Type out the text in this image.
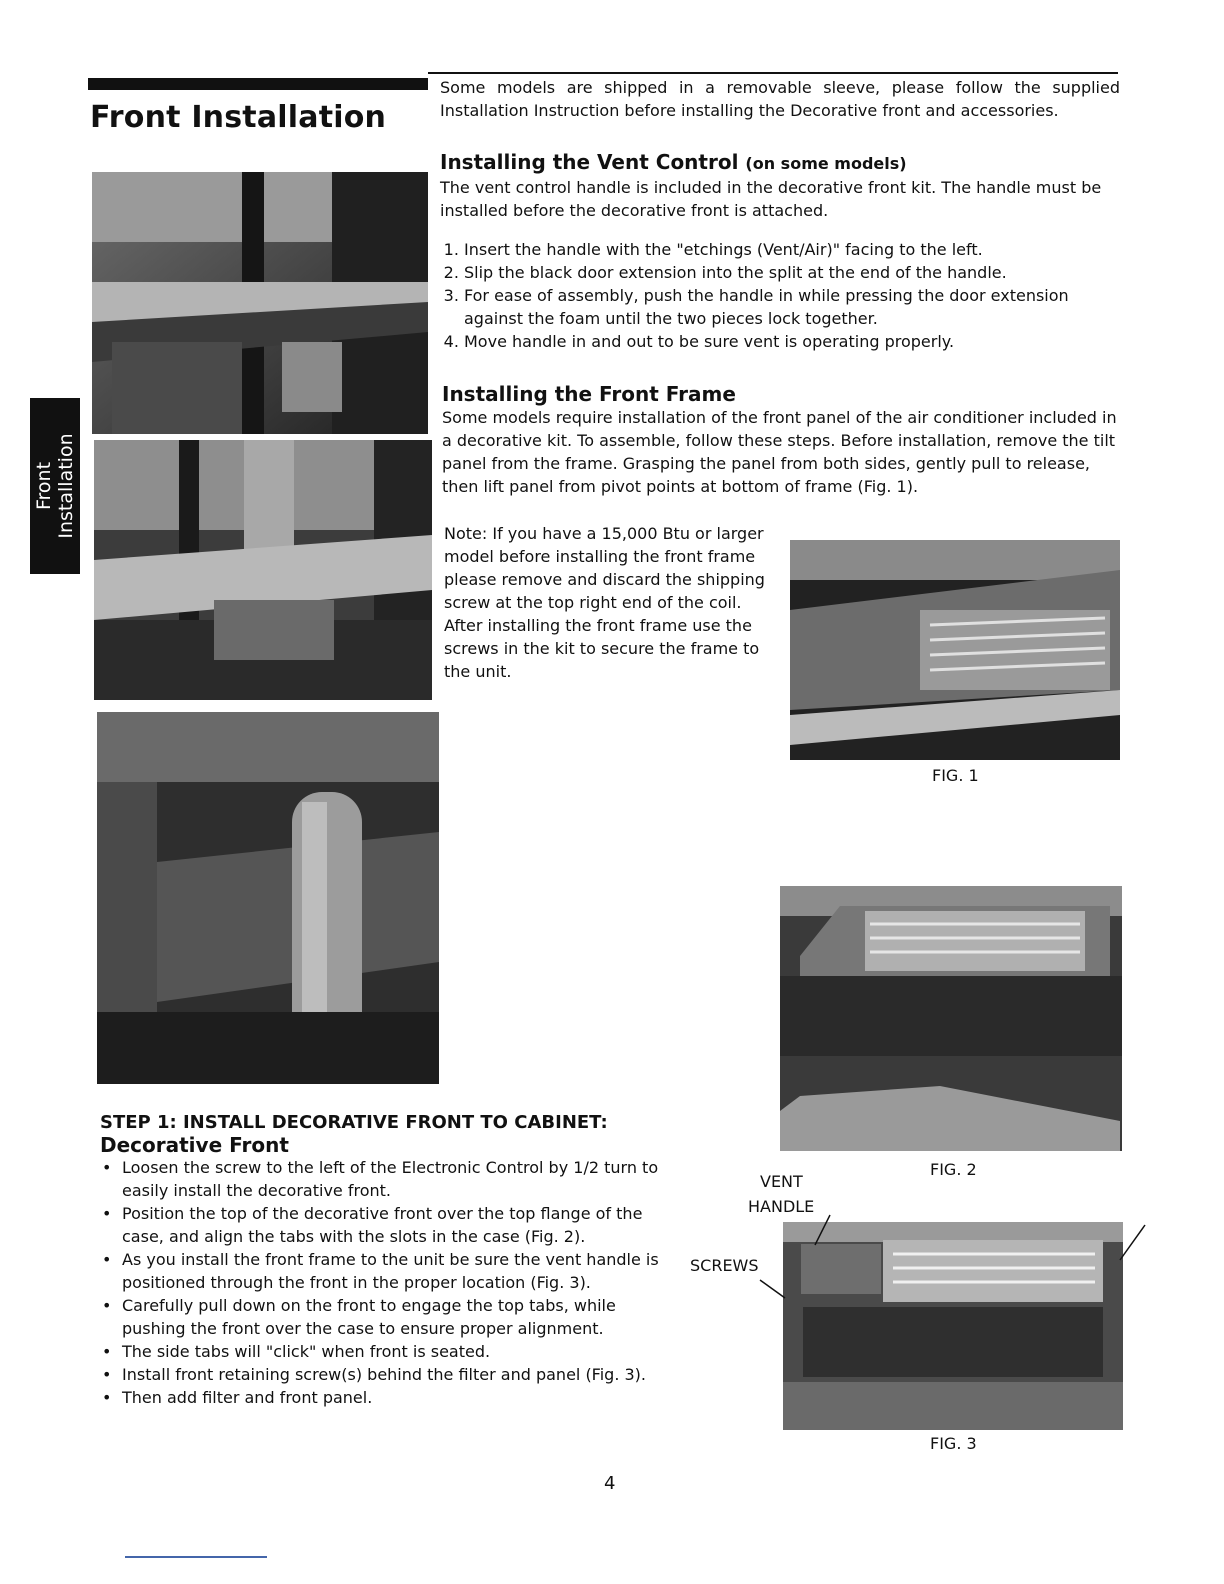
Front Installation
Front
Installation
Some models are shipped in a removable sleeve, please follow the supplied Installation Instruction before installing the Decorative front and accessories.
Installing the Vent Control (on some models)
The vent control handle is included in the decorative front kit. The handle must be installed before the decorative front is attached.
1. Insert the handle with the "etchings (Vent/Air)" facing to the left.
2. Slip the black door extension into the split at the end of the handle.
3. For ease of assembly, push the handle in while pressing the door extension against the foam until the two pieces lock together.
4. Move handle in and out to be sure vent is operating properly.
Installing the Front Frame
Some models require installation of the front panel of the air conditioner included in a decorative kit. To assemble, follow these steps. Before installation, remove the tilt panel from the frame. Grasping the panel from both sides, gently pull to release, then lift panel from pivot points at bottom of frame (Fig. 1).
Note: If you have a 15,000 Btu or larger model before installing the front frame please remove and discard the shipping screw at the top right end of the coil. After installing the front frame use the screws in the kit to secure the frame to the unit.
FIG. 1
FIG. 2
VENT
HANDLE
SCREWS
FIG. 3
STEP 1: INSTALL DECORATIVE FRONT TO CABINET:
Decorative Front
• Loosen the screw to the left of the Electronic Control by 1/2 turn to easily install the decorative front.
• Position the top of the decorative front over the top flange of the case, and align the tabs with the slots in the case (Fig. 2).
• As you install the front frame to the unit be sure the vent handle is positioned through the front in the proper location (Fig. 3).
• Carefully pull down on the front to engage the top tabs, while pushing the front over the case to ensure proper alignment.
• The side tabs will "click" when front is seated.
• Install front retaining screw(s) behind the filter and panel (Fig. 3).
• Then add filter and front panel.
4
